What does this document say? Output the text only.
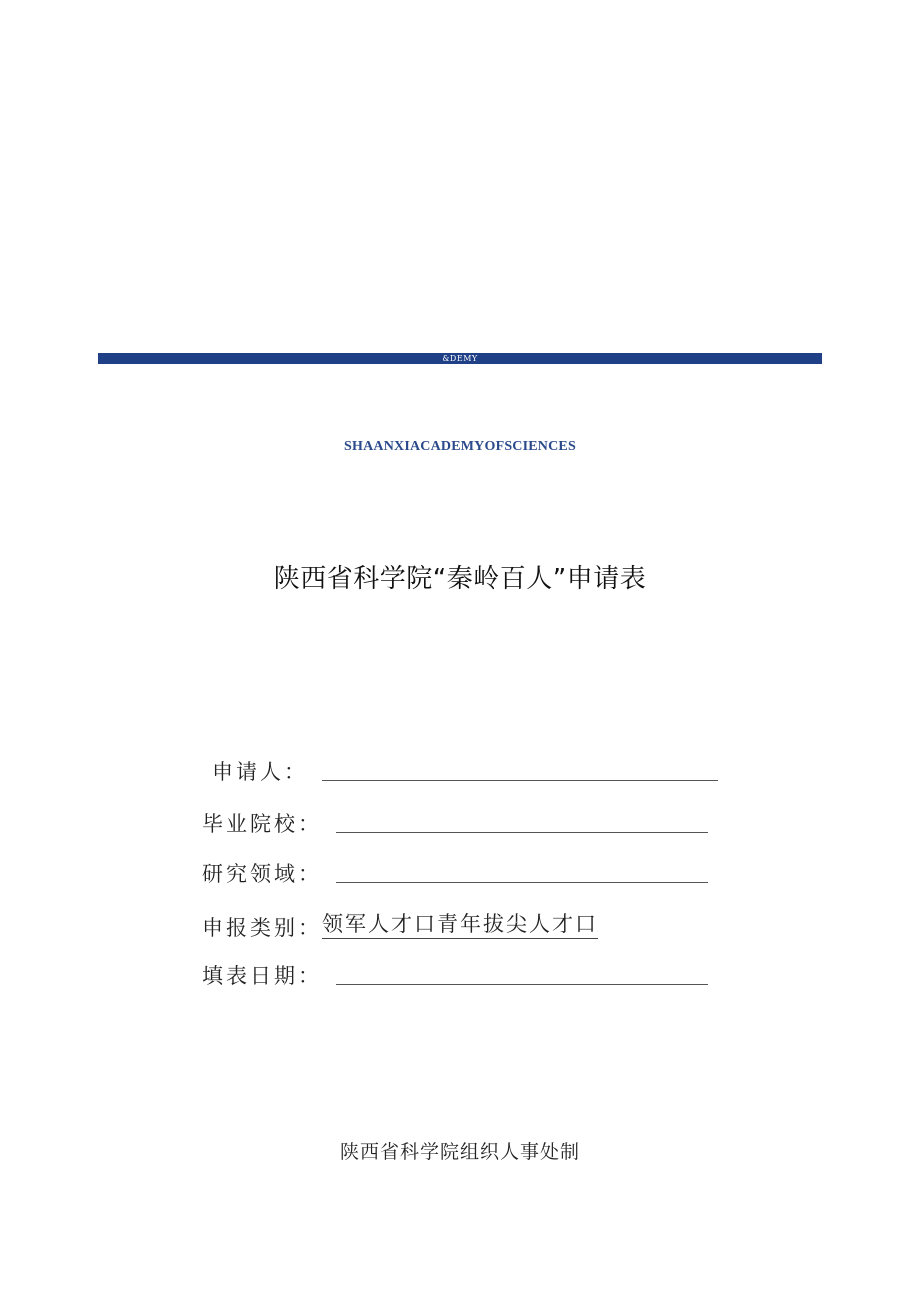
&DEMY
SHAANXIACADEMYOFSCIENCES
陕西省科学院“秦岭百人”申请表
申请人：
毕业院校：
研究领域：
申报类别： 领军人才口青年拔尖人才口
填表日期：
陕西省科学院组织人事处制
